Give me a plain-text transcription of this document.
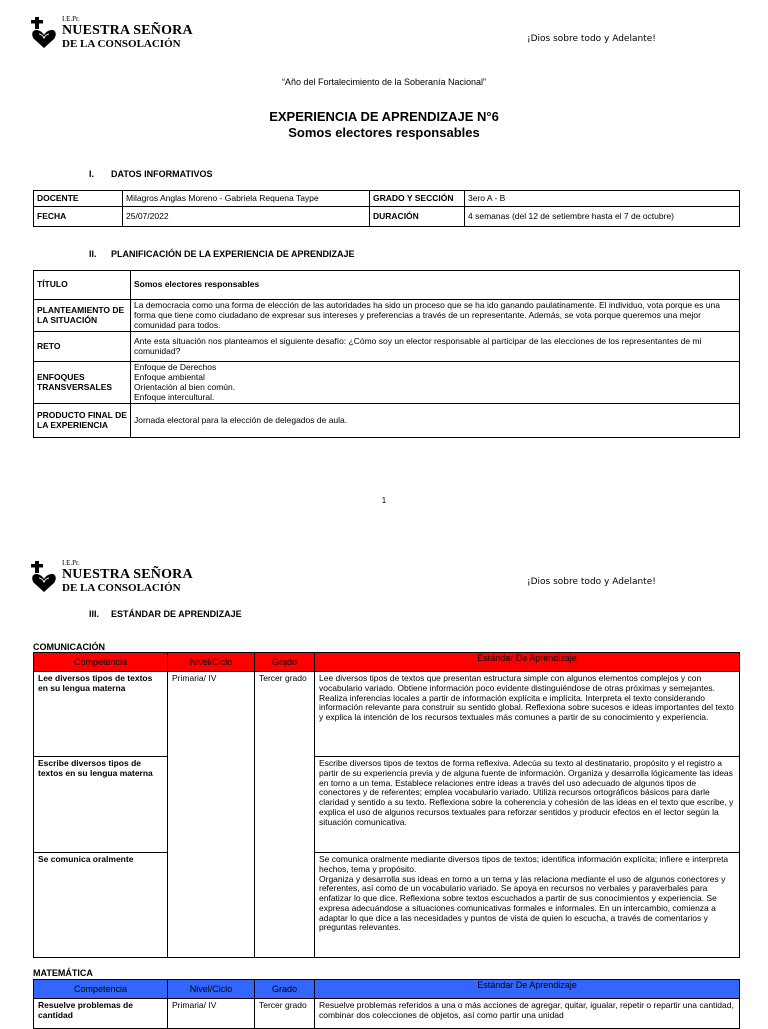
I.E.Pr.
NUESTRA SEÑORA
DE LA CONSOLACIÓN	¡Dios sobre todo y Adelante!
“Año del Fortalecimiento de la Soberanía Nacional”
EXPERIENCIA DE APRENDIZAJE N°6
Somos electores responsables
I. DATOS INFORMATIVOS
DOCENTE	Milagros Anglas Moreno - Gabriela Requena Taype	GRADO Y SECCIÓN	3ero A - B
FECHA	25/07/2022	DURACIÓN	4 semanas (del 12 de setiembre hasta el 7 de octubre)
II. PLANIFICACIÓN DE LA EXPERIENCIA DE APRENDIZAJE
TÍTULO	Somos electores responsables
PLANTEAMIENTO DE LA SITUACIÓN	La democracia como una forma de elección de las autoridades ha sido un proceso que se ha ido ganando paulatinamente. El individuo, vota porque es una forma que tiene como ciudadano de expresar sus intereses y preferencias a través de un representante. Además, se vota porque queremos una mejor comunidad para todos.
RETO	Ante esta situación nos planteamos el siguiente desafío: ¿Cómo soy un elector responsable al participar de las elecciones de los representantes de mi comunidad?
ENFOQUES TRANSVERSALES	Enfoque de Derechos
Enfoque ambiental
Orientación al bien común.
Enfoque intercultural.
PRODUCTO FINAL DE LA EXPERIENCIA	Jornada electoral para la elección de delegados de aula.
1
I.E.Pr.
NUESTRA SEÑORA
DE LA CONSOLACIÓN	¡Dios sobre todo y Adelante!
III. ESTÁNDAR DE APRENDIZAJE
COMUNICACIÓN
Competencia	Nivel/Ciclo	Grado	Estándar De Aprendizaje
Lee diversos tipos de textos en su lengua materna	Primaria/ IV	Tercer grado	Lee diversos tipos de textos que presentan estructura simple con algunos elementos complejos y con vocabulario variado. Obtiene información poco evidente distinguiéndose de otras próximas y semejantes. Realiza inferencias locales a partir de información explícita e implícita. Interpreta el texto considerando información relevante para construir su sentido global. Reflexiona sobre sucesos e ideas importantes del texto y explica la intención de los recursos textuales más comunes a partir de su conocimiento y experiencia.
Escribe diversos tipos de textos en su lengua materna			Escribe diversos tipos de textos de forma reflexiva. Adecúa su texto al destinatario, propósito y el registro a partir de su experiencia previa y de alguna fuente de información. Organiza y desarrolla lógicamente las ideas en torno a un tema. Establece relaciones entre ideas a través del uso adecuado de algunos tipos de conectores y de referentes; emplea vocabulario variado. Utiliza recursos ortográficos básicos para darle claridad y sentido a su texto. Reflexiona sobre la coherencia y cohesión de las ideas en el texto que escribe, y explica el uso de algunos recursos textuales para reforzar sentidos y producir efectos en el lector según la situación comunicativa.
Se comunica oralmente			Se comunica oralmente mediante diversos tipos de textos; identifica información explícita; infiere e interpreta hechos, tema y propósito.
Organiza y desarrolla sus ideas en torno a un tema y las relaciona mediante el uso de algunos conectores y referentes, así como de un vocabulario variado. Se apoya en recursos no verbales y paraverbales para enfatizar lo que dice. Reflexiona sobre textos escuchados a partir de sus conocimientos y experiencia. Se expresa adecuándose a situaciones comunicativas formales e informales. En un intercambio, comienza a adaptar lo que dice a las necesidades y puntos de vista de quien lo escucha, a través de comentarios y preguntas relevantes.
MATEMÁTICA
Competencia	Nivel/Ciclo	Grado	Estándar De Aprendizaje
Resuelve problemas de cantidad	Primaria/ IV	Tercer grado	Resuelve problemas referidos a una o más acciones de agregar, quitar, igualar, repetir o repartir una cantidad, combinar dos colecciones de objetos, así como partir una unidad
